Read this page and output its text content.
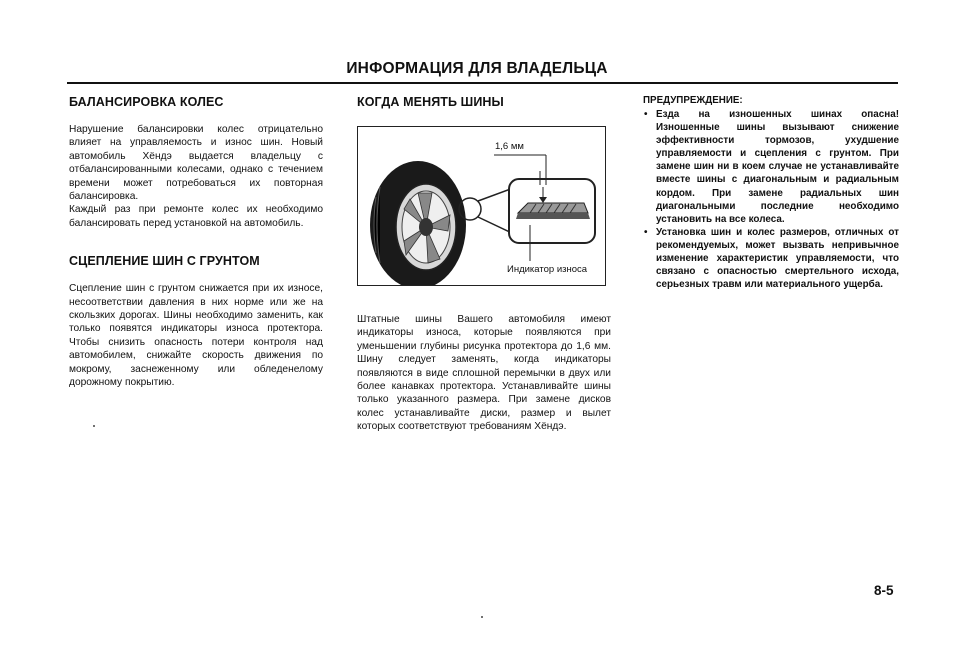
ИНФОРМАЦИЯ ДЛЯ ВЛАДЕЛЬЦА
БАЛАНСИРОВКА КОЛЕС

Нарушение балансировки колес отрицательно влияет на управляемость и износ шин. Новый автомобиль Хёндэ выдается владельцу с отбалансированными колесами, однако с течением времени может потребоваться их повторная балансировка.

Каждый раз при ремонте колес их необходимо балансировать перед установкой на автомобиль.

СЦЕПЛЕНИЕ ШИН С ГРУНТОМ

Сцепление шин с грунтом снижается при их износе, несоответствии давления в них норме или же на скользких дорогах. Шины необходимо заменить, как только появятся индикаторы износа протектора. Чтобы снизить опасность потери контроля над автомобилем, снижайте скорость движения по мокрому, заснеженному или обледенелому дорожному покрытию.

КОГДА МЕНЯТЬ ШИНЫ
1,6 мм
Индикатор износа

Штатные шины Вашего автомобиля имеют индикаторы износа, которые появляются при уменьшении глубины рисунка протектора до 1,6 мм. Шину следует заменять, когда индикаторы появляются в виде сплошной перемычки в двух или более канавках протектора. Устанавливайте шины только указанного размера. При замене дисков колес устанавливайте диски, размер и вылет которых соответствуют требованиям Хёндэ.

ПРЕДУПРЕЖДЕНИЕ:
• Езда на изношенных шинах опасна! Изношенные шины вызывают снижение эффективности тормозов, ухудшение управляемости и сцепления с грунтом. При замене шин ни в коем случае не устанавливайте вместе шины с диагональным и радиальным кордом. При замене радиальных шин диагональными последние необходимо установить на все колеса.
• Установка шин и колес размеров, отличных от рекомендуемых, может вызвать непривычное изменение характеристик управляемости, что связано с опасностью смертельного исхода, серьезных травм или материального ущерба.
8-5
